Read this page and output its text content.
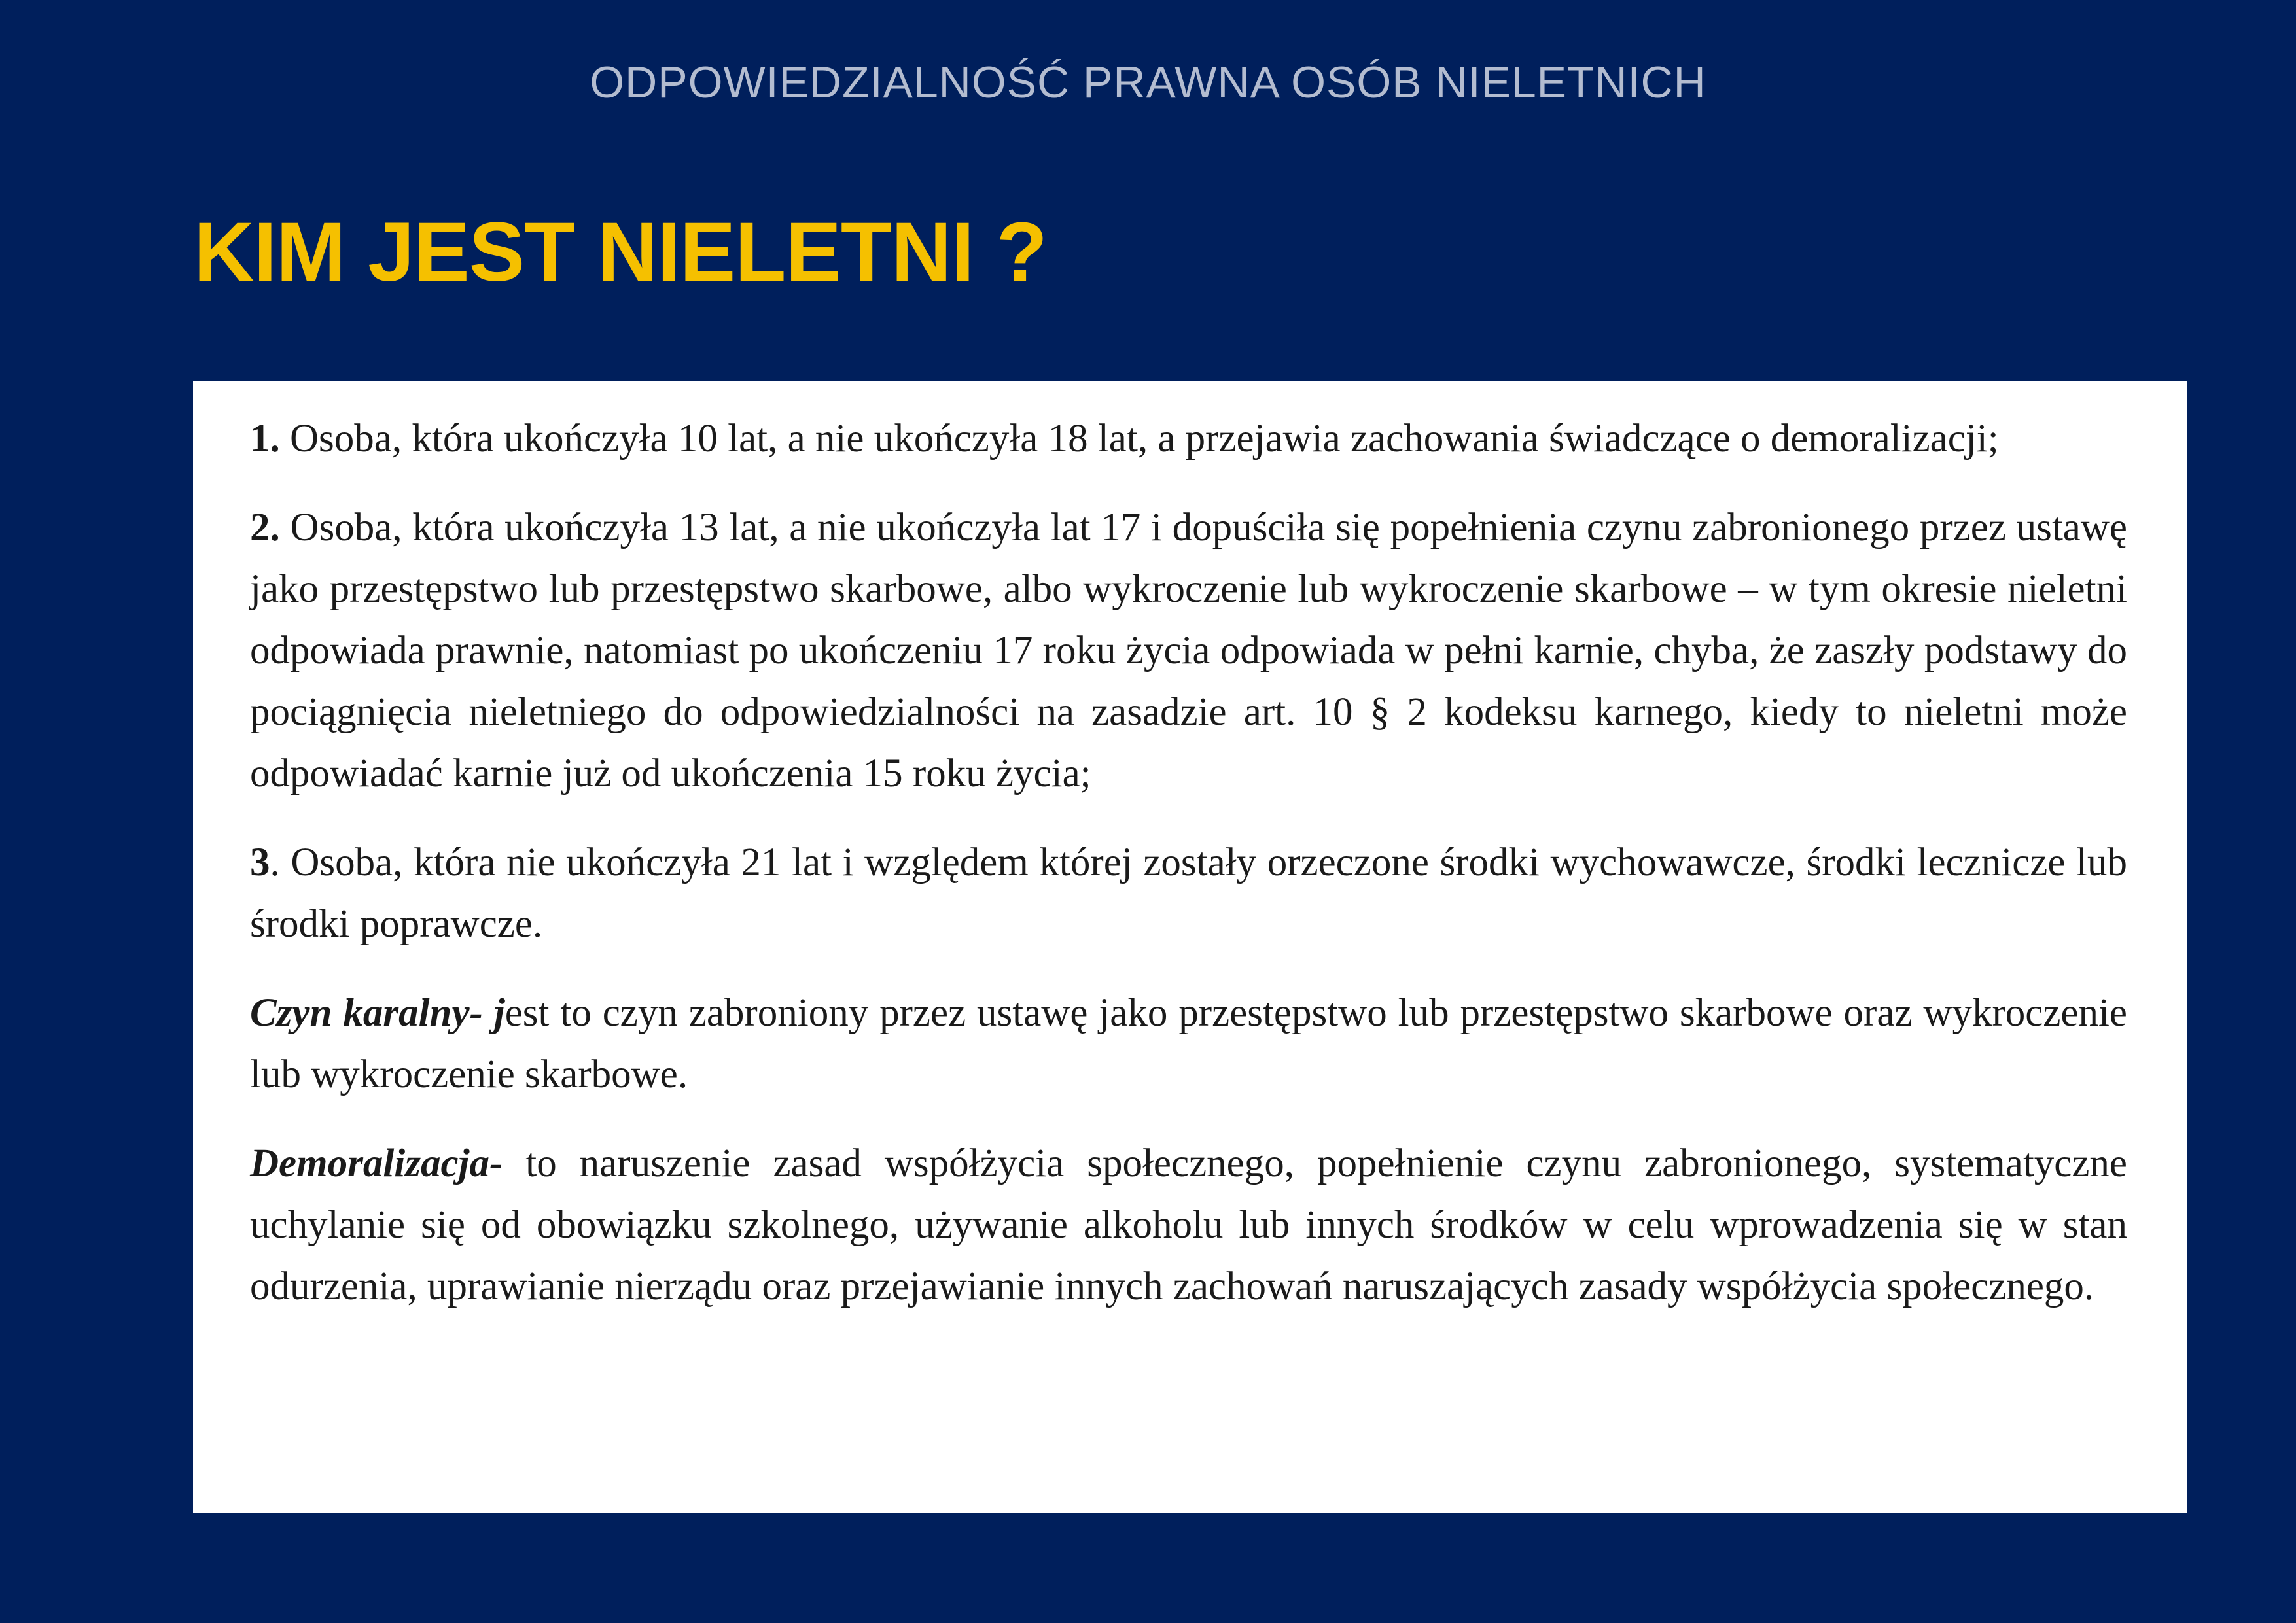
ODPOWIEDZIALNOŚĆ PRAWNA OSÓB NIELETNICH
KIM JEST NIELETNI ?

1. Osoba, która ukończyła 10 lat, a nie ukończyła 18 lat, a przejawia zachowania świadczące o demoralizacji;

2. Osoba, która ukończyła 13 lat, a nie ukończyła lat 17 i dopuściła się popełnienia czynu zabronionego przez ustawę jako przestępstwo lub przestępstwo skarbowe, albo wykroczenie lub wykroczenie skarbowe – w tym okresie nieletni odpowiada prawnie, natomiast po ukończeniu 17 roku życia odpowiada w pełni karnie, chyba, że zaszły podstawy do pociągnięcia nieletniego do odpowiedzialności na zasadzie art. 10 § 2 kodeksu karnego, kiedy to nieletni może odpowiadać karnie już od ukończenia 15 roku życia;

3. Osoba, która nie ukończyła 21 lat i względem której zostały orzeczone środki wychowawcze, środki lecznicze lub środki poprawcze.

Czyn karalny- jest to czyn zabroniony przez ustawę jako przestępstwo lub przestępstwo skarbowe oraz wykroczenie lub wykroczenie skarbowe.

Demoralizacja- to naruszenie zasad współżycia społecznego, popełnienie czynu zabronionego, systematyczne uchylanie się od obowiązku szkolnego, używanie alkoholu lub innych środków w celu wprowadzenia się w stan odurzenia, uprawianie nierządu oraz przejawianie innych zachowań naruszających zasady współżycia społecznego.
